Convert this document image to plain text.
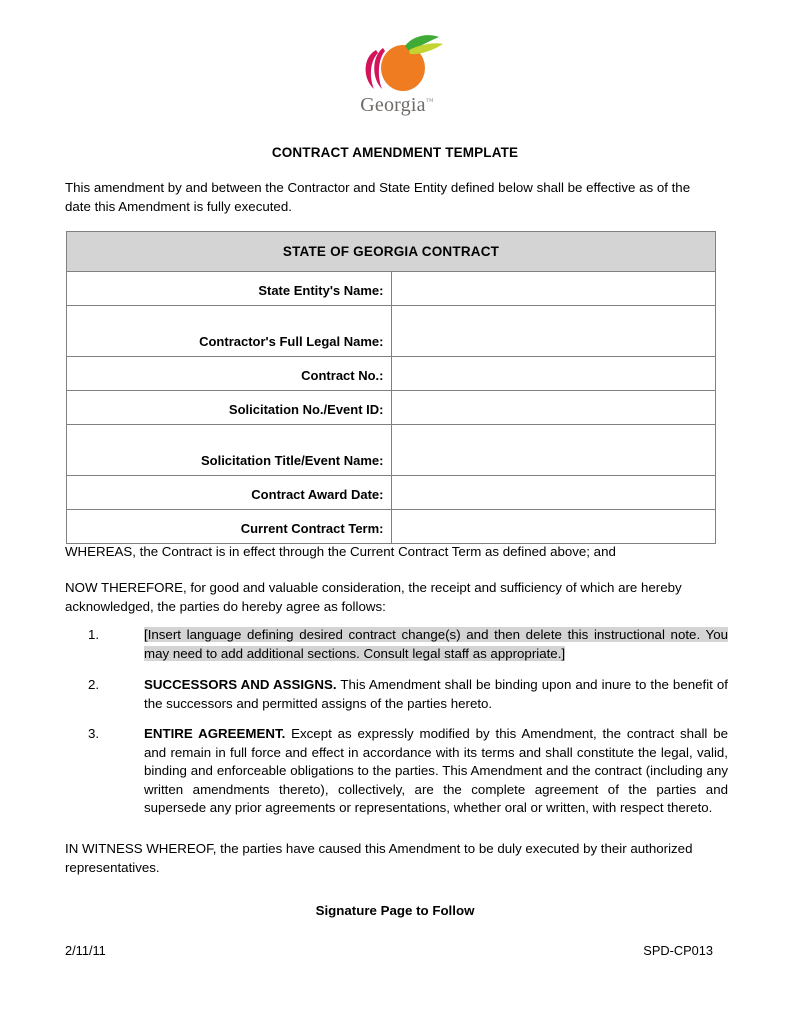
Georgia™
CONTRACT AMENDMENT TEMPLATE
This amendment by and between the Contractor and State Entity defined below shall be effective as of the date this Amendment is fully executed.
STATE OF GEORGIA CONTRACT	
State Entity's Name:	
Contractor's Full Legal Name:	
Contract No.:	
Solicitation No./Event ID:	
Solicitation Title/Event Name:	
Contract Award Date:	
Current Contract Term:	
WHEREAS, the Contract is in effect through the Current Contract Term as defined above; and
NOW THEREFORE, for good and valuable consideration, the receipt and sufficiency of which are hereby acknowledged, the parties do hereby agree as follows:
1.	[Insert language defining desired contract change(s) and then delete this instructional note. You may need to add additional sections. Consult legal staff as appropriate.]
2.	SUCCESSORS AND ASSIGNS. This Amendment shall be binding upon and inure to the benefit of the successors and permitted assigns of the parties hereto.
3.	ENTIRE AGREEMENT. Except as expressly modified by this Amendment, the contract shall be and remain in full force and effect in accordance with its terms and shall constitute the legal, valid, binding and enforceable obligations to the parties. This Amendment and the contract (including any written amendments thereto), collectively, are the complete agreement of the parties and supersede any prior agreements or representations, whether oral or written, with respect thereto.
IN WITNESS WHEREOF, the parties have caused this Amendment to be duly executed by their authorized representatives.
Signature Page to Follow
2/11/11	SPD-CP013
